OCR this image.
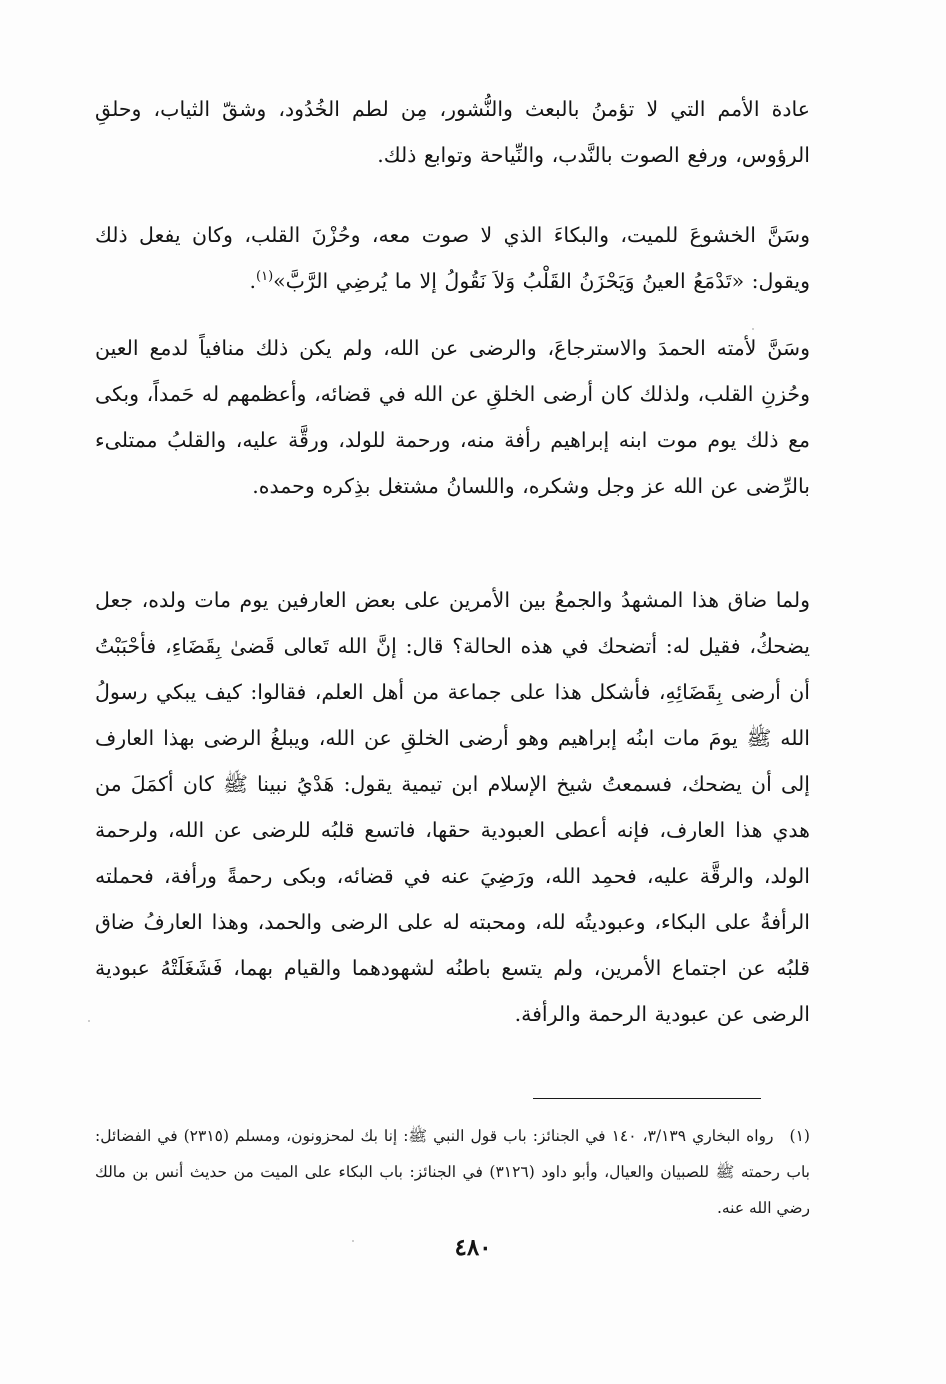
عادة الأمم التي لا تؤمنُ بالبعث والنُّشور، مِن لطم الخُدُود، وشقّ الثياب، وحلقِ الرؤوس، ورفع الصوت بالنَّدب، والنِّياحة وتوابع ذلك.
وسَنَّ الخشوعَ للميت، والبكاءَ الذي لا صوت معه، وحُزْنَ القلب، وكان يفعل ذلك ويقول: «تَدْمَعُ العينُ وَيَحْزَنُ القَلْبُ وَلاَ نَقُولُ إلا ما يُرضِي الرَّبَّ»$^{(١)}$.
وسَنَّ لأمته الحمدَ والاسترجاعَ، والرضى عن الله، ولم يكن ذلك منافياً لدمع العين وحُزنِ القلب، ولذلك كان أرضى الخلقِ عن الله في قضائه، وأعظمهم له حَمداً، وبكى مع ذلك يوم موت ابنه إبراهيم رأفة منه، ورحمة للولد، ورقَّة عليه، والقلبُ ممتلىء بالرِّضى عن الله عز وجل وشكره، واللسانُ مشتغل بذِكره وحمده.
ولما ضاق هذا المشهدُ والجمعُ بين الأمرين على بعض العارفين يوم مات ولده، جعل يضحكُ، فقيل له: أتضحك في هذه الحالة؟ قال: إنَّ الله تَعالى قَضىٰ بِقَضَاءِ، فأحْبَبْتُ أن أرضى بِقَضَائِهِ، فأشكل هذا على جماعة من أهل العلم، فقالوا: كيف يبكي رسولُ الله ﷺ يومَ مات ابنُه إبراهيم وهو أرضى الخلقِ عن الله، ويبلغُ الرضى بهذا العارف إلى أن يضحك، فسمعتُ شيخ الإسلام ابن تيمية يقول: هَدْيُ نبينا ﷺ كان أكمَلَ من هدي هذا العارف، فإنه أعطى العبودية حقها، فاتسع قلبُه للرضى عن الله، ولرحمة الولد، والرقَّة عليه، فحمِد الله، ورَضِيَ عنه في قضائه، وبكى رحمةً ورأفة، فحملته الرأفةُ على البكاء، وعبوديتُه لله، ومحبته له على الرضى والحمد، وهذا العارفُ ضاق قلبُه عن اجتماع الأمرين، ولم يتسع باطنُه لشهودهما والقيام بهما، فَشَغَلَتْهُ عبودية الرضى عن عبودية الرحمة والرأفة.
(١)رواه البخاري ٣/١٣٩، ١٤٠ في الجنائز: باب قول النبي ﷺ: إنا بك لمحزونون، ومسلم (٢٣١٥) في الفضائل: باب رحمته ﷺ للصبيان والعيال، وأبو داود (٣١٢٦) في الجنائز: باب البكاء على الميت من حديث أنس بن مالك رضي الله عنه.
٤٨٠
